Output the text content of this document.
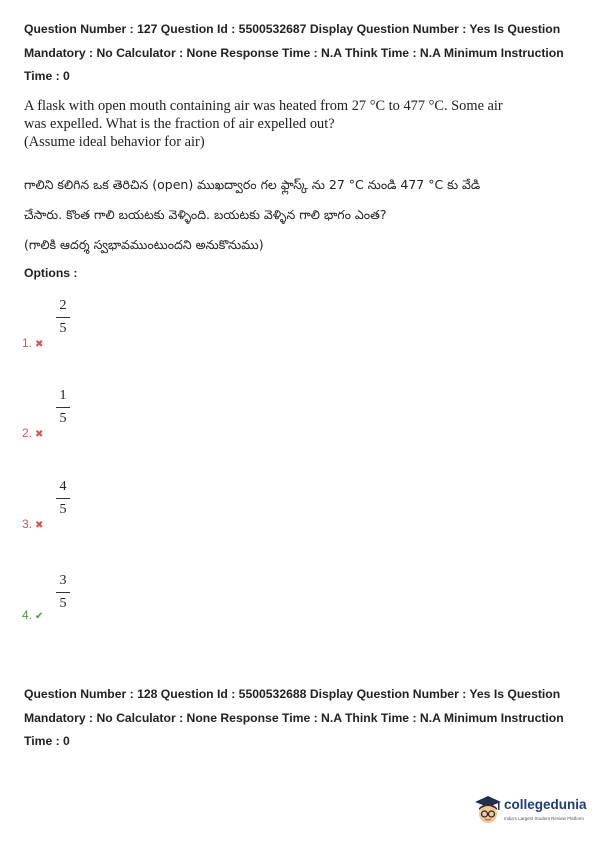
Question Number : 127 Question Id : 5500532687 Display Question Number : Yes Is Question
Mandatory : No Calculator : None Response Time : N.A Think Time : N.A Minimum Instruction
Time : 0
A flask with open mouth containing air was heated from 27 °C to 477 °C. Some air
was expelled. What is the fraction of air expelled out?
(Assume ideal behavior for air)
గాలిని కలిగిన ఒక తెరిచిన (open) ముఖద్వారం గల ఫ్లాస్క్ ను 27 °C నుండి 477 °C కు వేడి
చేసారు. కొంత గాలి బయటకు వెళ్ళింది. బయటకు వెళ్ళిన గాలి భాగం ఎంత?
(గాలికి ఆదర్శ స్వభావముంటుందని అనుకొనుము)
Options :
1. ✖
2
5
2. ✖
1
5
3. ✖
4
5
4. ✔
3
5
Question Number : 128 Question Id : 5500532688 Display Question Number : Yes Is Question
Mandatory : No Calculator : None Response Time : N.A Think Time : N.A Minimum Instruction
Time : 0
collegedunia
India's Largest Student Review Platform
